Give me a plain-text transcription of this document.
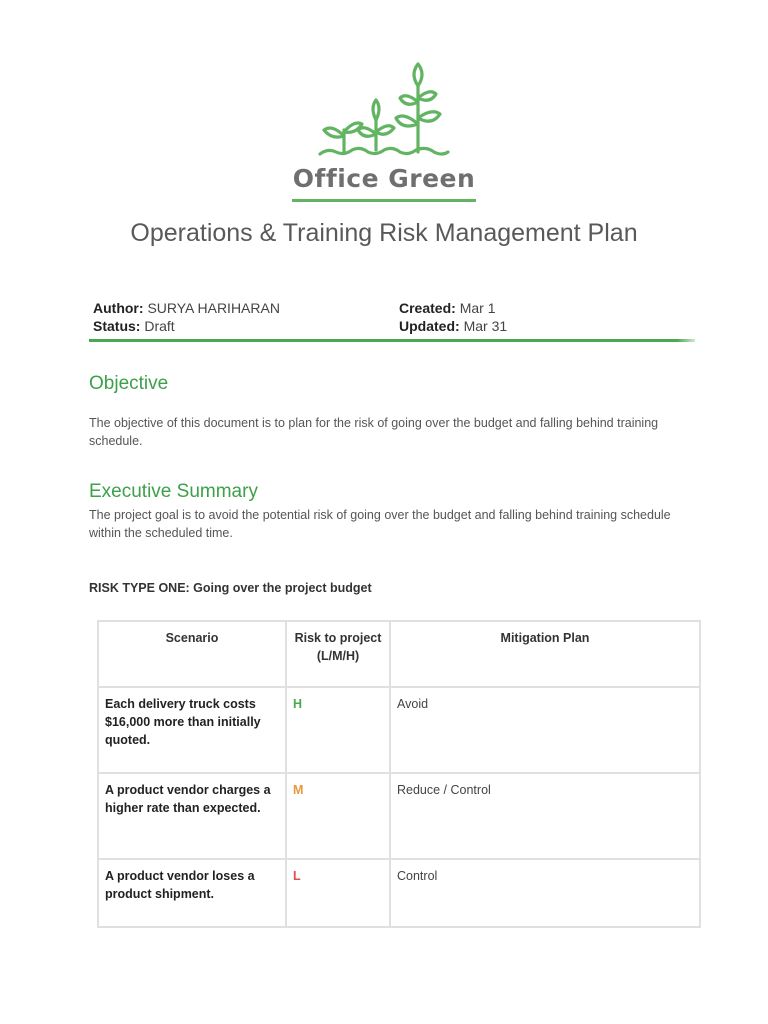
Office Green
Operations & Training Risk Management Plan
Author: SURYA HARIHARAN	Created: Mar 1
Status: Draft	Updated: Mar 31
Objective
The objective of this document is to plan for the risk of going over the budget and falling behind training schedule.
Executive Summary
The project goal is to avoid the potential risk of going over the budget and falling behind training schedule within the scheduled time.
RISK TYPE ONE: Going over the project budget
Scenario	Risk to project (L/M/H)	Mitigation Plan
Each delivery truck costs $16,000 more than initially quoted.	H	Avoid
A product vendor charges a higher rate than expected.	M	Reduce / Control
A product vendor loses a product shipment.	L	Control
